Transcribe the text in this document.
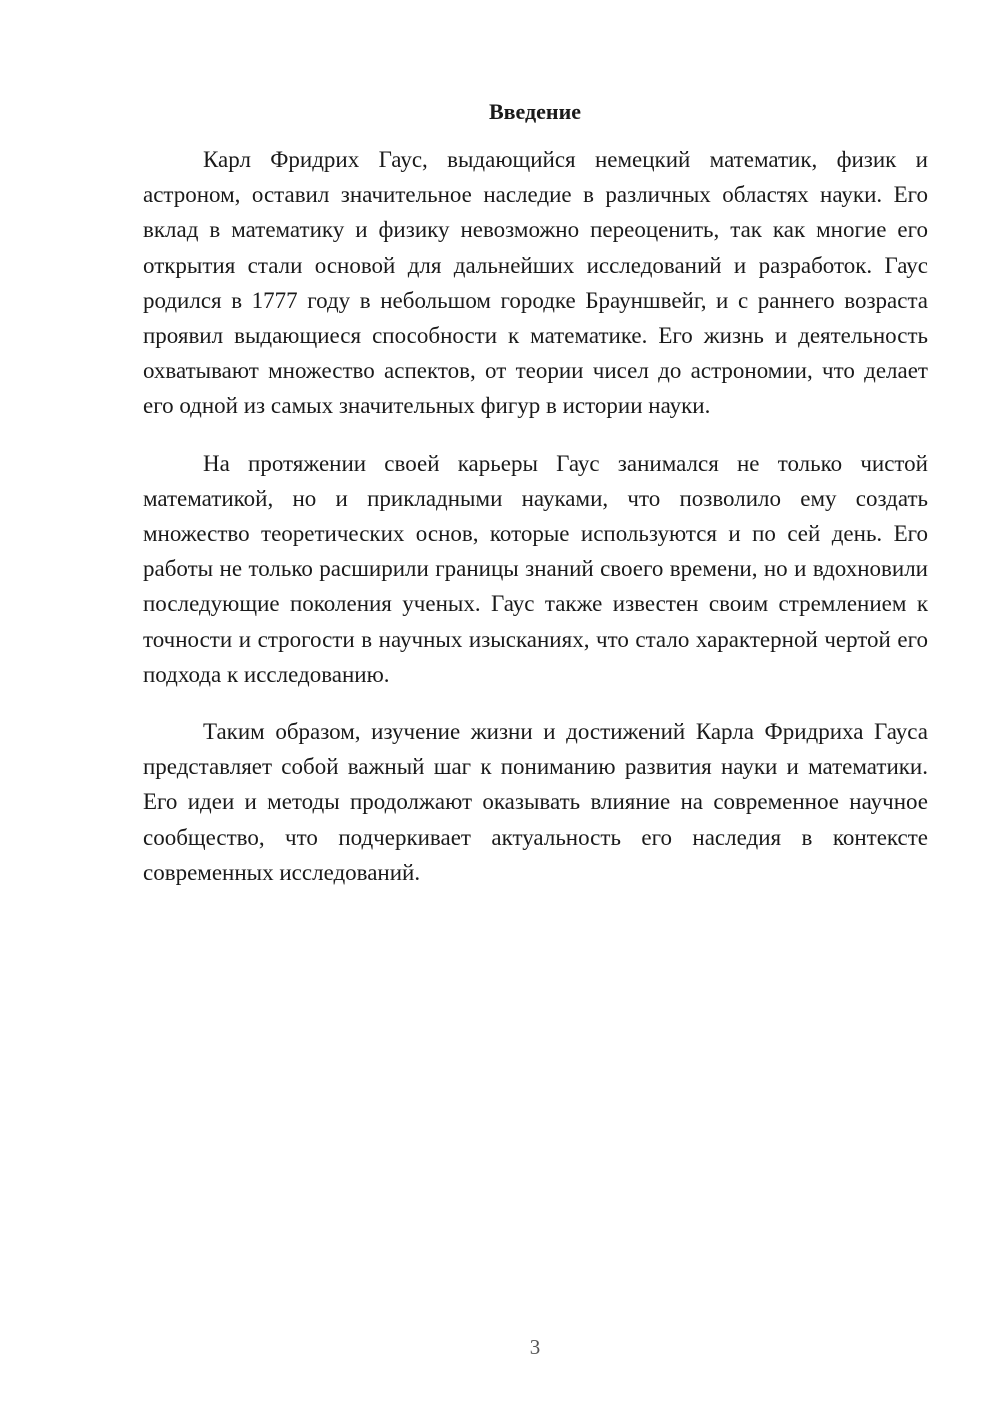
Введение

Карл Фридрих Гаус, выдающийся немецкий математик, физик и астроном, оставил значительное наследие в различных областях науки. Его вклад в математику и физику невозможно переоценить, так как многие его открытия стали основой для дальнейших исследований и разработок. Гаус родился в 1777 году в небольшом городке Брауншвейг, и с раннего возраста проявил выдающиеся способности к математике. Его жизнь и деятельность охватывают множество аспектов, от теории чисел до астрономии, что делает его одной из самых значительных фигур в истории науки.

На протяжении своей карьеры Гаус занимался не только чистой математикой, но и прикладными науками, что позволило ему создать множество теоретических основ, которые используются и по сей день. Его работы не только расширили границы знаний своего времени, но и вдохновили последующие поколения ученых. Гаус также известен своим стремлением к точности и строгости в научных изысканиях, что стало характерной чертой его подхода к исследованию.

Таким образом, изучение жизни и достижений Карла Фридриха Гауса представляет собой важный шаг к пониманию развития науки и математики. Его идеи и методы продолжают оказывать влияние на современное научное сообщество, что подчеркивает актуальность его наследия в контексте современных исследований.

3
